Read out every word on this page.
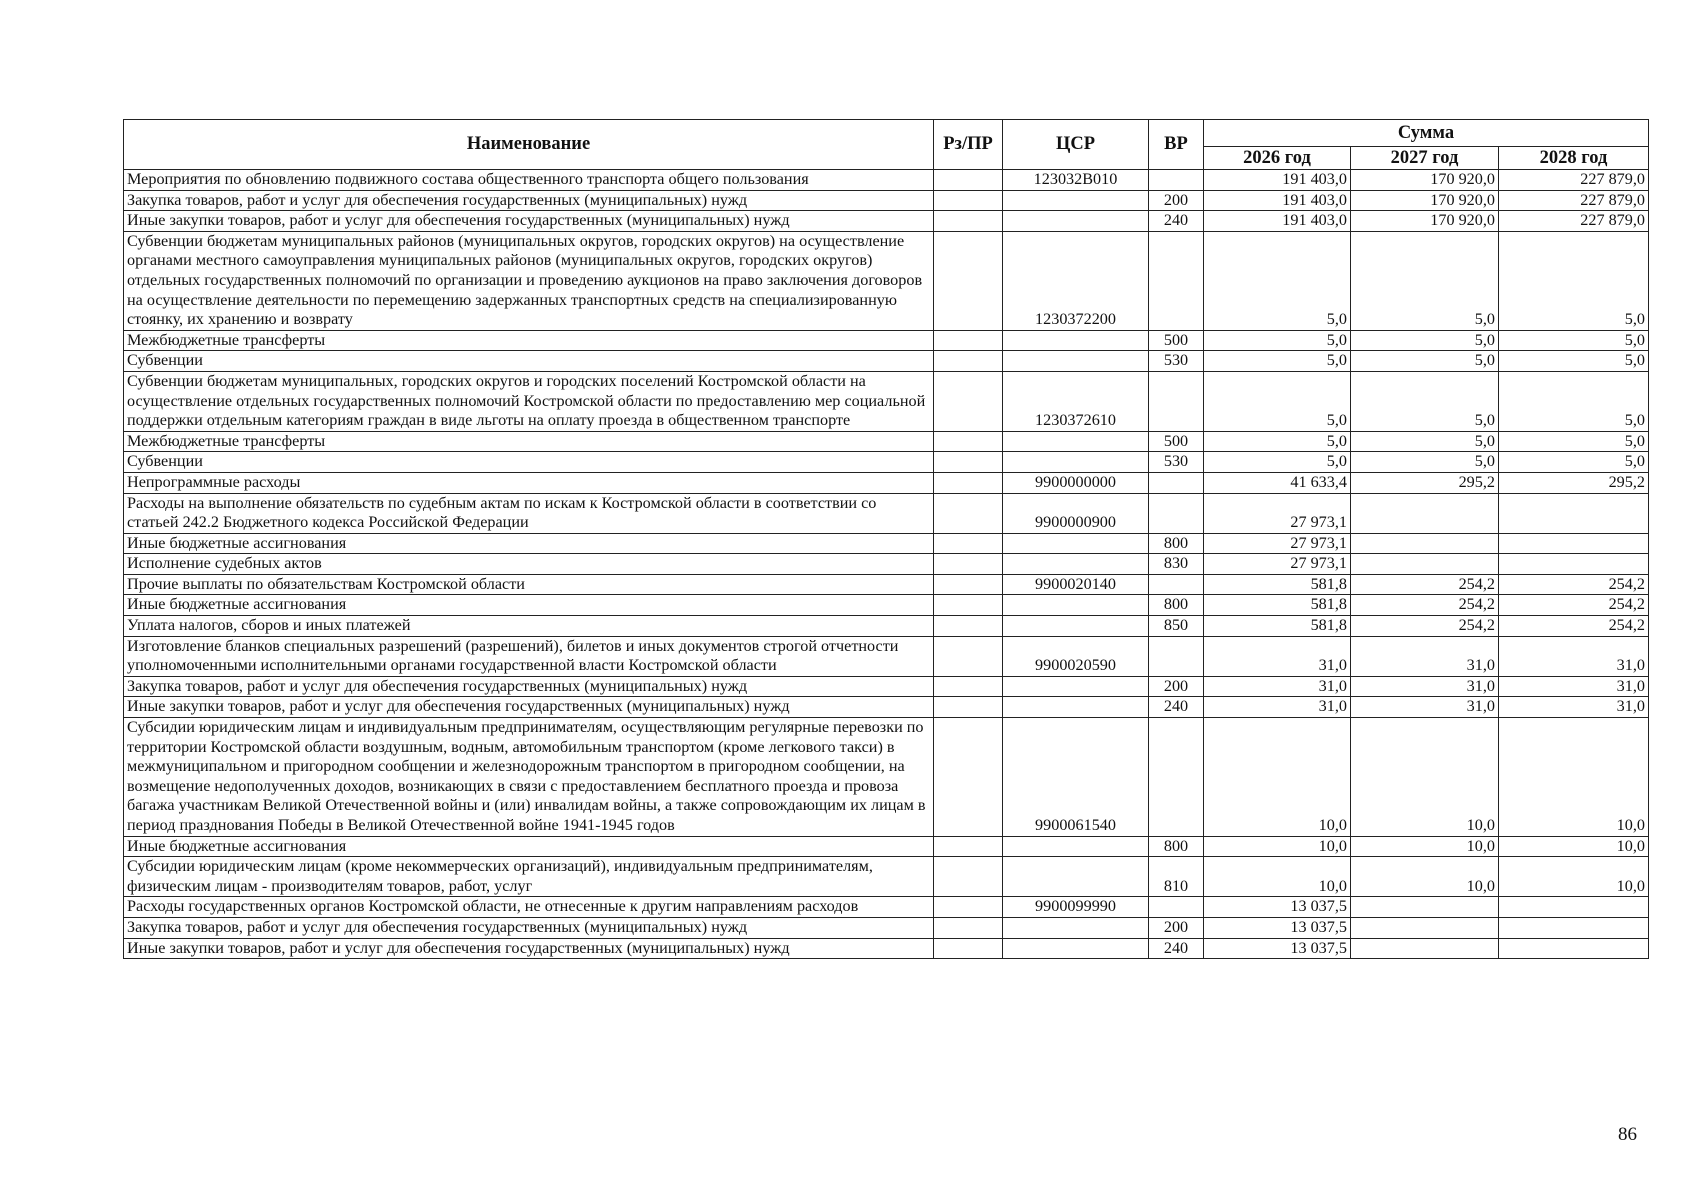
Наименование	Рз/ПР	ЦСР	ВР	Сумма		
				2026 год	2027 год	2028 год
Мероприятия по обновлению подвижного состава общественного транспорта общего пользования		123032В010		191 403,0	170 920,0	227 879,0
Закупка товаров, работ и услуг для обеспечения государственных (муниципальных) нужд			200	191 403,0	170 920,0	227 879,0
Иные закупки товаров, работ и услуг для обеспечения государственных (муниципальных) нужд			240	191 403,0	170 920,0	227 879,0
Субвенции бюджетам муниципальных районов (муниципальных округов, городских округов) на осуществление органами местного самоуправления муниципальных районов (муниципальных округов, городских округов) отдельных государственных полномочий по организации и проведению аукционов на право заключения договоров на осуществление деятельности по перемещению задержанных транспортных средств на специализированную стоянку, их хранению и возврату		1230372200		5,0	5,0	5,0
Межбюджетные трансферты			500	5,0	5,0	5,0
Субвенции			530	5,0	5,0	5,0
Субвенции бюджетам муниципальных, городских округов и городских поселений Костромской области на осуществление отдельных государственных полномочий Костромской области по предоставлению мер социальной поддержки отдельным категориям граждан в виде льготы на оплату проезда в общественном транспорте		1230372610		5,0	5,0	5,0
Межбюджетные трансферты			500	5,0	5,0	5,0
Субвенции			530	5,0	5,0	5,0
Непрограммные расходы		9900000000		41 633,4	295,2	295,2
Расходы на выполнение обязательств по судебным актам по искам к Костромской области в соответствии со статьей 242.2 Бюджетного кодекса Российской Федерации		9900000900		27 973,1		
Иные бюджетные ассигнования			800	27 973,1		
Исполнение судебных актов			830	27 973,1		
Прочие выплаты по обязательствам Костромской области		9900020140		581,8	254,2	254,2
Иные бюджетные ассигнования			800	581,8	254,2	254,2
Уплата налогов, сборов и иных платежей			850	581,8	254,2	254,2
Изготовление бланков специальных разрешений (разрешений), билетов и иных документов строгой отчетности уполномоченными исполнительными органами государственной власти Костромской области		9900020590		31,0	31,0	31,0
Закупка товаров, работ и услуг для обеспечения государственных (муниципальных) нужд			200	31,0	31,0	31,0
Иные закупки товаров, работ и услуг для обеспечения государственных (муниципальных) нужд			240	31,0	31,0	31,0
Субсидии юридическим лицам и индивидуальным предпринимателям, осуществляющим регулярные перевозки по территории Костромской области воздушным, водным, автомобильным транспортом (кроме легкового такси) в межмуниципальном и пригородном сообщении и железнодорожным транспортом в пригородном сообщении, на возмещение недополученных доходов, возникающих в связи с предоставлением бесплатного проезда и провоза багажа участникам Великой Отечественной войны и (или) инвалидам войны, а также сопровождающим их лицам в период празднования Победы в Великой Отечественной войне 1941-1945 годов		9900061540		10,0	10,0	10,0
Иные бюджетные ассигнования			800	10,0	10,0	10,0
Субсидии юридическим лицам (кроме некоммерческих организаций), индивидуальным предпринимателям, физическим лицам - производителям товаров, работ, услуг			810	10,0	10,0	10,0
Расходы государственных органов Костромской области, не отнесенные к другим направлениям расходов		9900099990		13 037,5		
Закупка товаров, работ и услуг для обеспечения государственных (муниципальных) нужд			200	13 037,5		
Иные закупки товаров, работ и услуг для обеспечения государственных (муниципальных) нужд			240	13 037,5		
86
